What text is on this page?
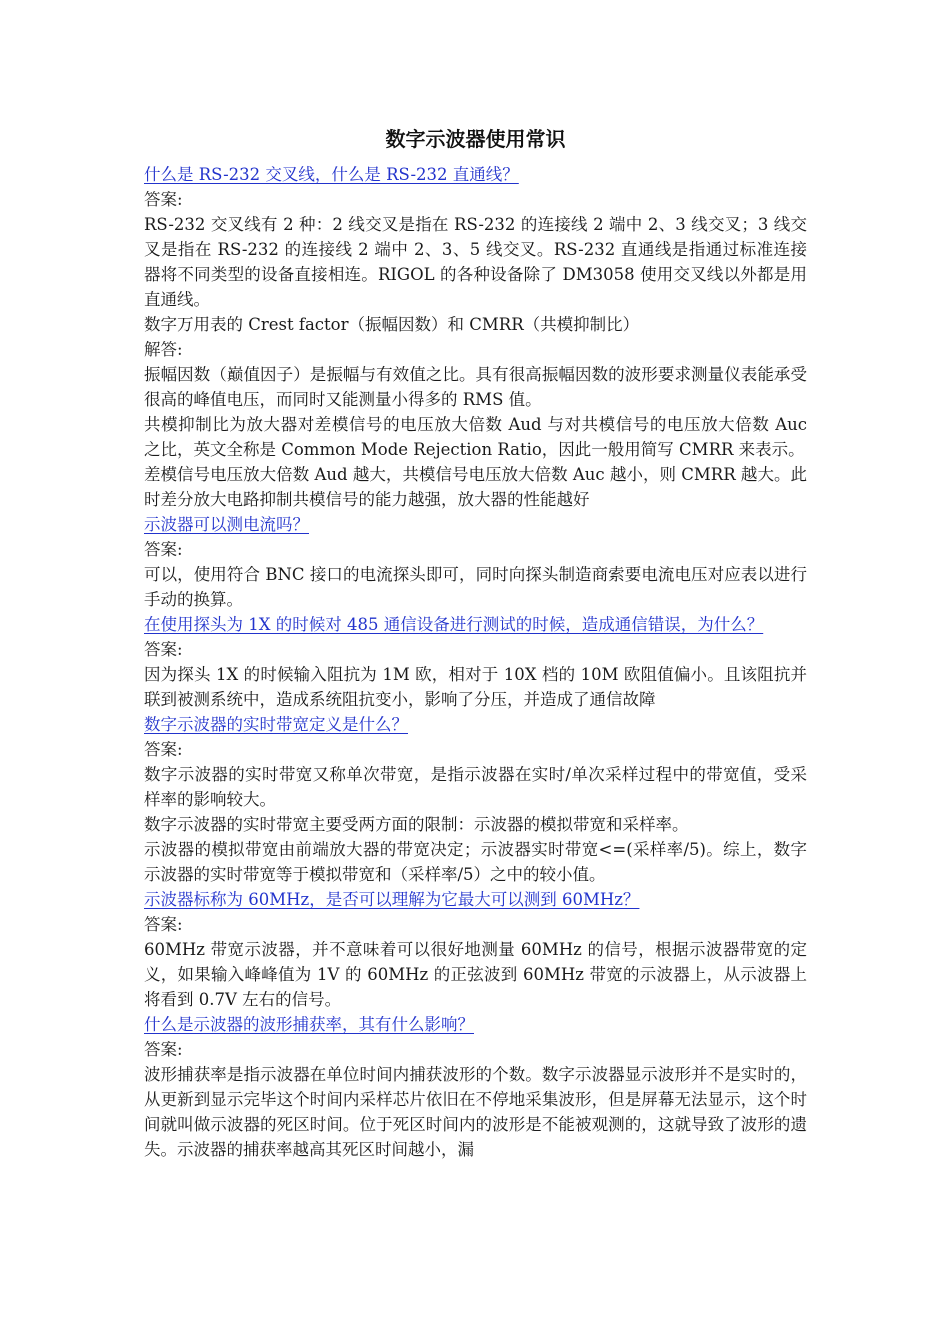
数字示波器使用常识

什么是 RS-232 交叉线，什么是 RS-232 直通线？

答案:

RS-232 交叉线有 2 种：2 线交叉是指在 RS-232 的连接线 2 端中 2、3 线交叉；3 线交叉是指在 RS-232 的连接线 2 端中 2、3、5 线交叉。RS-232 直通线是指通过标准连接器将不同类型的设备直接相连。RIGOL 的各种设备除了 DM3058 使用交叉线以外都是用直通线。

数字万用表的 Crest factor（振幅因数）和 CMRR（共模抑制比）

解答:

振幅因数（巅值因子）是振幅与有效值之比。具有很高振幅因数的波形要求测量仪表能承受很高的峰值电压，而同时又能测量小得多的 RMS 值。

共模抑制比为放大器对差模信号的电压放大倍数 Aud 与对共模信号的电压放大倍数 Auc 之比，英文全称是 Common Mode Rejection Ratio，因此一般用简写 CMRR 来表示。

差模信号电压放大倍数 Aud 越大，共模信号电压放大倍数 Auc 越小，则 CMRR 越大。此时差分放大电路抑制共模信号的能力越强，放大器的性能越好

示波器可以测电流吗？

答案:

可以，使用符合 BNC 接口的电流探头即可，同时向探头制造商索要电流电压对应表以进行手动的换算。

在使用探头为 1X 的时候对 485 通信设备进行测试的时候，造成通信错误，为什么？

答案:

因为探头 1X 的时候输入阻抗为 1M 欧，相对于 10X 档的 10M 欧阻值偏小。且该阻抗并联到被测系统中，造成系统阻抗变小，影响了分压，并造成了通信故障

数字示波器的实时带宽定义是什么？

答案:

数字示波器的实时带宽又称单次带宽，是指示波器在实时/单次采样过程中的带宽值，受采样率的影响较大。

数字示波器的实时带宽主要受两方面的限制：示波器的模拟带宽和采样率。

示波器的模拟带宽由前端放大器的带宽决定；示波器实时带宽<=(采样率/5)。综上，数字示波器的实时带宽等于模拟带宽和（采样率/5）之中的较小值。

示波器标称为 60MHz，是否可以理解为它最大可以测到 60MHz？

答案:

60MHz 带宽示波器，并不意味着可以很好地测量 60MHz 的信号，根据示波器带宽的定义，如果输入峰峰值为 1V 的 60MHz 的正弦波到 60MHz 带宽的示波器上，从示波器上将看到 0.7V 左右的信号。

什么是示波器的波形捕获率，其有什么影响？

答案:

波形捕获率是指示波器在单位时间内捕获波形的个数。数字示波器显示波形并不是实时的，从更新到显示完毕这个时间内采样芯片依旧在不停地采集波形，但是屏幕无法显示，这个时间就叫做示波器的死区时间。位于死区时间内的波形是不能被观测的，这就导致了波形的遗失。示波器的捕获率越高其死区时间越小，漏
